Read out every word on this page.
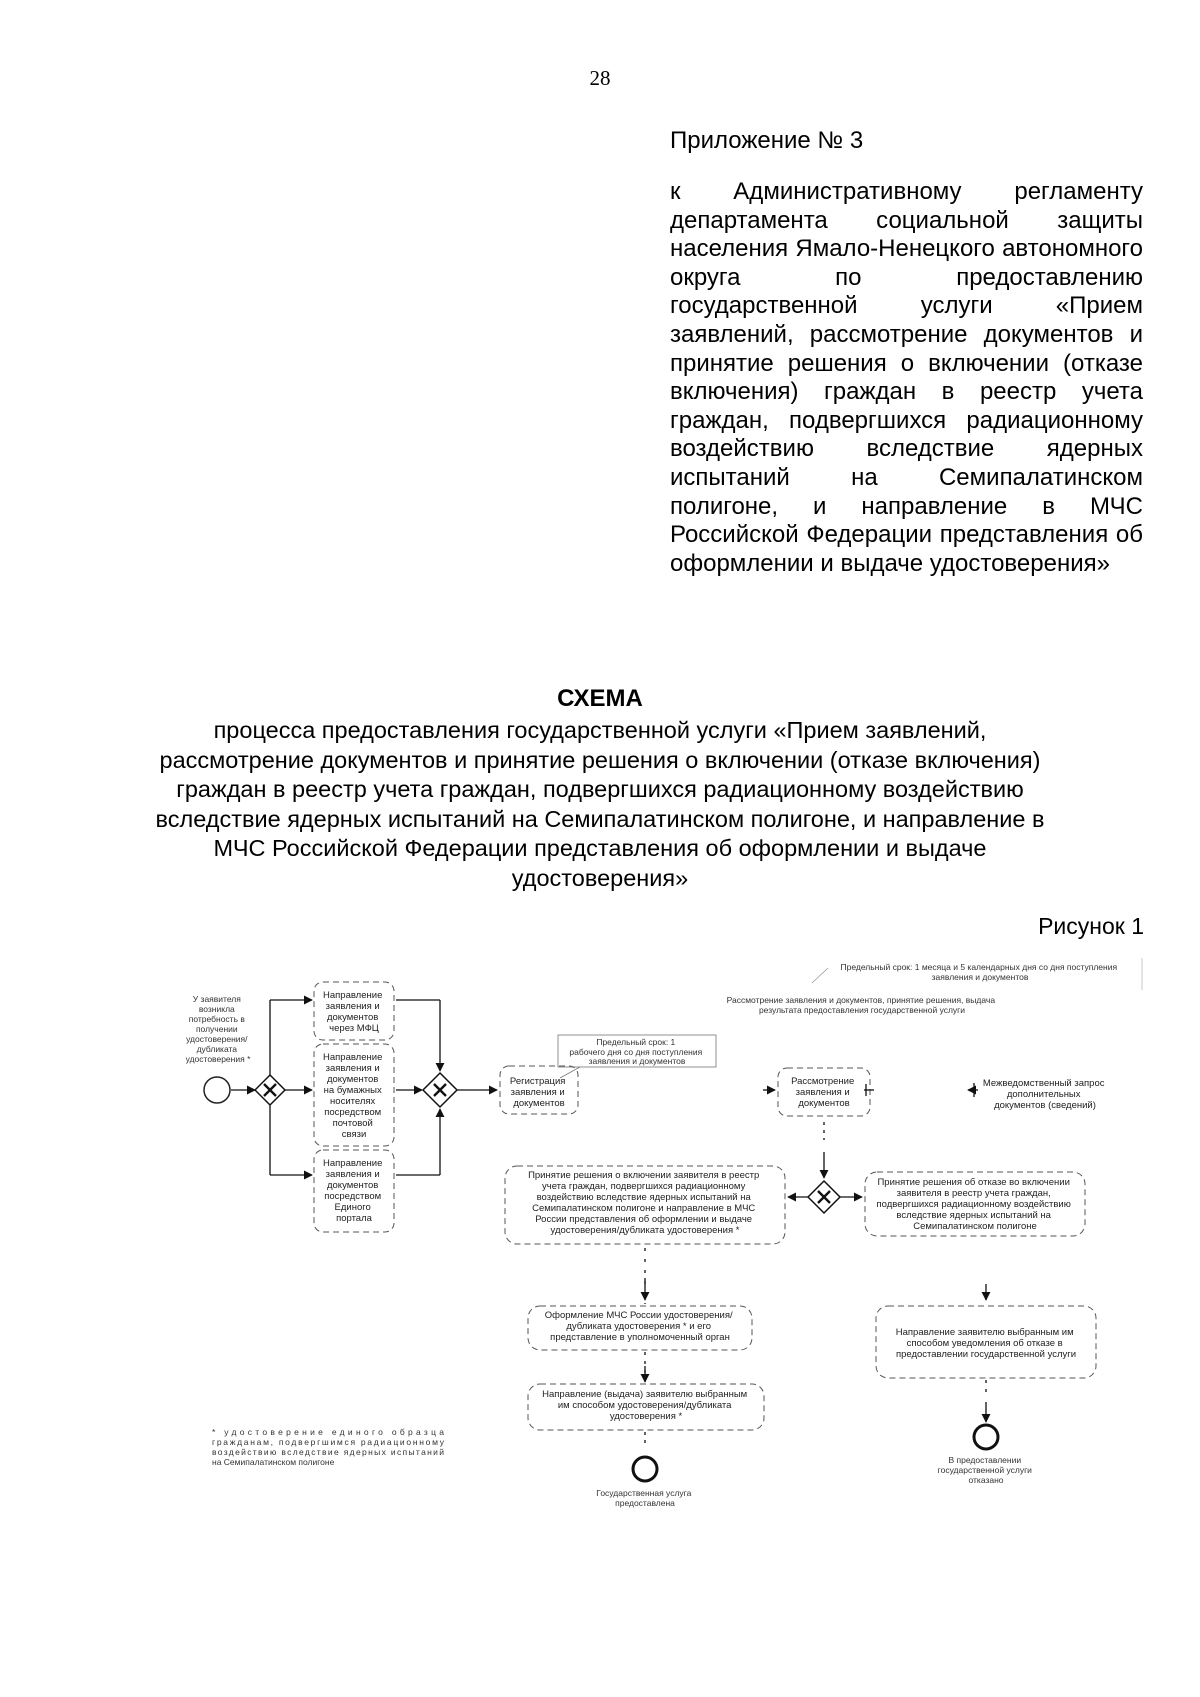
28

Приложение № 3

к Административному регламенту департамента социальной защиты населения Ямало-Ненецкого автономного округа по предоставлению государственной услуги «Прием заявлений, рассмотрение документов и принятие решения о включении (отказе включения) граждан в реестр учета граждан, подвергшихся радиационному воздействию вследствие ядерных испытаний на Семипалатинском полигоне, и направление в МЧС Российской Федерации представления об оформлении и выдаче удостоверения»

СХЕМА
процесса предоставления государственной услуги «Прием заявлений, рассмотрение документов и принятие решения о включении (отказе включения) граждан в реестр учета граждан, подвергшихся радиационному воздействию вследствие ядерных испытаний на Семипалатинском полигоне, и направление в МЧС Российской Федерации представления об оформлении и выдаче удостоверения»
Рисунок 1
У заявителя возникла потребность в получении удостоверения/ дубликата удостоверения *
Направление заявления и документов через МФЦ
Направление заявления и документов на бумажных носителях посредством почтовой связи
Направление заявления и документов посредством Единого портала
Предельный срок: 1 рабочего дня со дня поступления заявления и документов
Регистрация заявления и документов
Предельный срок: 1 месяца и 5 календарных дня со дня поступления заявления и документов
Рассмотрение заявления и документов, принятие решения, выдача результата предоставления государственной услуги
Рассмотрение заявления и документов
Межведомственный запрос дополнительных документов (сведений)
Принятие решения о включении заявителя в реестр учета граждан, подвергшихся радиационному воздействию вследствие ядерных испытаний на Семипалатинском полигоне и направление в МЧС России представления об оформлении и выдаче удостоверения/дубликата удостоверения *
Принятие решения об отказе во включении заявителя в реестр учета граждан, подвергшихся радиационному воздействию вследствие ядерных испытаний на Семипалатинском полигоне
Оформление МЧС России удостоверения/ дубликата удостоверения * и его представление в уполномоченный орган	Направление заявителю выбранным им способом уведомления об отказе в предоставлении государственной услуги
Направление (выдача) заявителю выбранным им способом удостоверения/дубликата удостоверения *
* удостоверение единого образца гражданам, подвергшимся радиационному воздействию вследствие ядерных испытаний на Семипалатинском полигоне
Государственная услуга предоставлена
В предоставлении государственной услуги отказано
